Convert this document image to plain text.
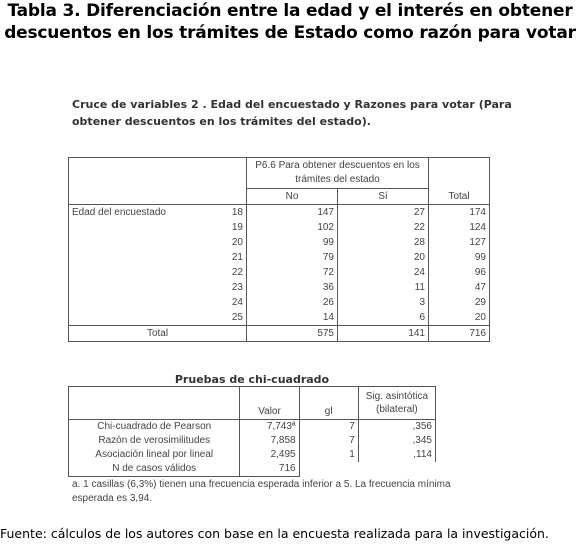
Tabla 3. Diferenciación entre la edad y el interés en obtener descuentos en los trámites de Estado como razón para votar
Cruce de variables 2 . Edad del encuestado y Razones para votar (Para obtener descuentos en los trámites del estado).
		P6.6 Para obtener descuentos en los trámites del estado		Total
		No	Sí	
Edad del encuestado	18	147	27	174
	19	102	22	124
	20	99	28	127
	21	79	20	99
	22	72	24	96
	23	36	11	47
	24	26	3	29
	25	14	6	20
Total		575	141	716
Pruebas de chi-cuadrado
	Valor	gl	Sig. asintótica (bilateral)
Chi-cuadrado de Pearson	7,743ª	7	,356
Razón de verosimilitudes	7,858	7	,345
Asociación lineal por lineal	2,495	1	,114
N de casos válidos	716		
a. 1 casillas (6,3%) tienen una frecuencia esperada inferior a 5. La frecuencia mínima esperada es 3,94.
Fuente: cálculos de los autores con base en la encuesta realizada para la investigación.
